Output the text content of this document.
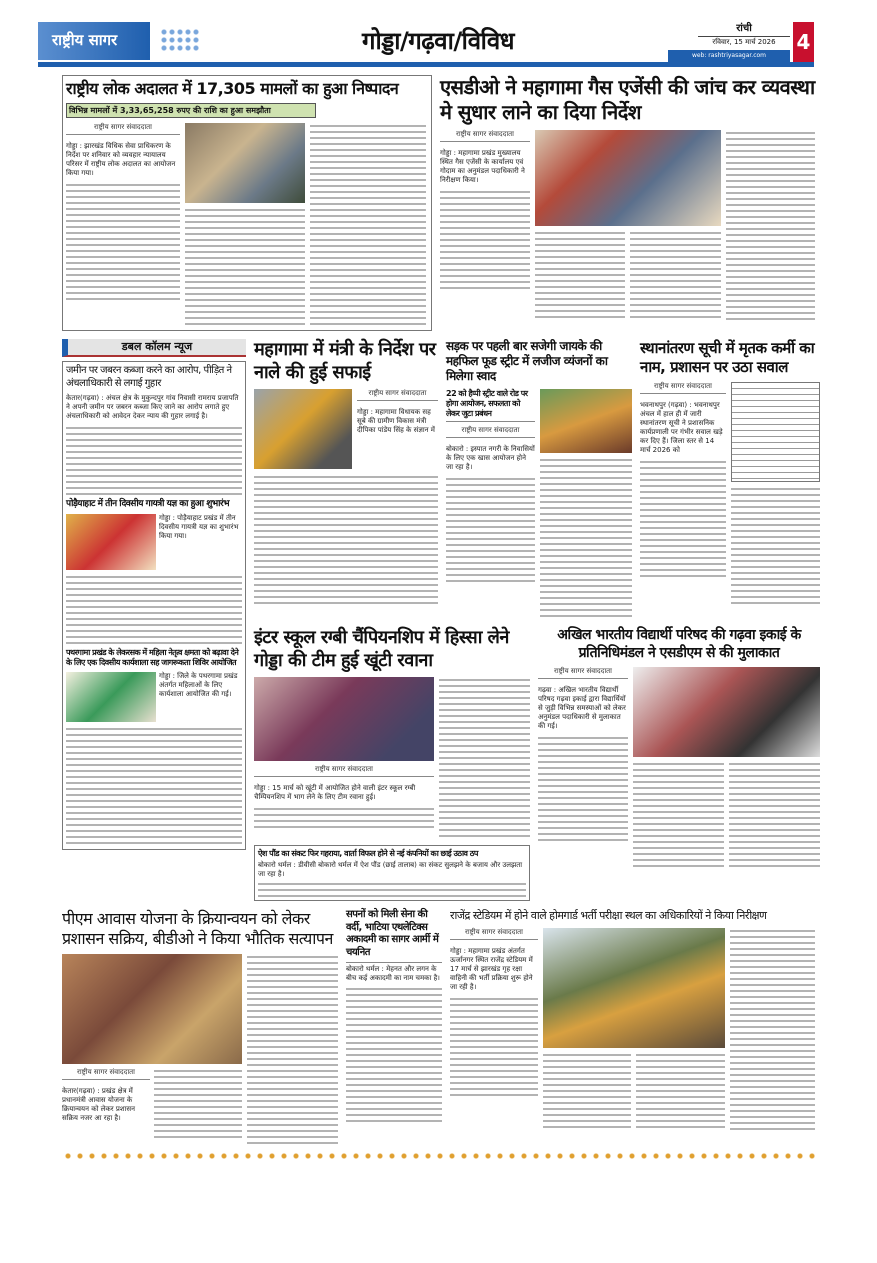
राष्ट्रीय सागर	गोड्डा/गढ़वा/विविध	रांची
रविवार, 15 मार्च 2026	4
web: rashtriyasagar.com
राष्ट्रीय लोक अदालत में 17,305 मामलों का हुआ निष्पादन
विभिन्न मामलों में 3,33,65,258 रुपए की राशि का हुआ समझौता
राष्ट्रीय सागर संवाददाता
गोड्डा : झारखंड विधिक सेवा प्राधिकरण के निर्देश पर शनिवार को व्यवहार न्यायालय परिसर में राष्ट्रीय लोक अदालत का आयोजन किया गया।
एसडीओ ने महागामा गैस एजेंसी की जांच कर व्यवस्था मे सुधार लाने का दिया निर्देश
राष्ट्रीय सागर संवाददाता
गोड्डा : महागामा प्रखंड मुख्यालय स्थित गैस एजेंसी के कार्यालय एवं गोदाम का अनुमंडल पदाधिकारी ने निरीक्षण किया।
डबल कॉलम न्यूज
जमीन पर जबरन कब्जा करने का आरोप, पीड़ित ने अंचलाधिकारी से लगाई गुहार
केतार(गढ़वा) : अंचल क्षेत्र के मुकुन्दपुर गांव निवासी रामराय प्रजापति ने अपनी जमीन पर जबरन कब्जा किए जाने का आरोप लगाते हुए अंचलाधिकारी को आवेदन देकर न्याय की गुहार लगाई है।
पोड़ैयाहाट में तीन दिवसीय गायत्री यज्ञ का हुआ शुभारंभ
गोड्डा : पोड़ैयाहाट प्रखंड में तीन दिवसीय गायत्री यज्ञ का शुभारंभ किया गया।
पथरगामा प्रखंड के लेकरसक में महिला नेतृत्व क्षमता को बढ़ावा देने के लिए एक दिवसीय कार्यशाला सह जागरूकता शिविर आयोजित
गोड्डा : जिले के पथरगामा प्रखंड अंतर्गत महिलाओं के लिए कार्यशाला आयोजित की गई।
महागामा में मंत्री के निर्देश पर नाले की हुई सफाई
राष्ट्रीय सागर संवाददाता
गोड्डा : महागामा विधायक सह सूबे की ग्रामीण विकास मंत्री दीपिका पांडेय सिंह के संज्ञान में
सड़क पर पहली बार सजेगी जायके की महफिल फूड स्ट्रीट में लजीज व्यंजनों का मिलेगा स्वाद
22 को हैप्पी स्ट्रीट वाले रोड पर होगा आयोजन, सफलता को लेकर जुटा प्रबंधन
राष्ट्रीय सागर संवाददाता
बोकारो : इस्पात नगरी के निवासियों के लिए एक खास आयोजन होने जा रहा है।
स्थानांतरण सूची में मृतक कर्मी का नाम, प्रशासन पर उठा सवाल
राष्ट्रीय सागर संवाददाता
भवनाथपुर (गढ़वा) : भवनाथपुर अंचल में हाल ही में जारी स्थानांतरण सूची ने प्रशासनिक कार्यप्रणाली पर गंभीर सवाल खड़े कर दिए हैं। जिला स्तर से 14 मार्च 2026 को
इंटर स्कूल रग्बी चैंपियनशिप में हिस्सा लेने गोड्डा की टीम हुई खूंटी रवाना
राष्ट्रीय सागर संवाददाता
गोड्डा : 15 मार्च को खूंटी में आयोजित होने वाली इंटर स्कूल रग्बी चैम्पियनशिप में भाग लेने के लिए टीम रवाना हुई।
ऐश पौंड का संकट फिर गहराया, वार्ता विफल होने से नई कंपनियों का छाई उठाव ठप
बोकारो थर्मल : डीवीसी बोकारो थर्मल में ऐश पौंड (छाई तालाब) का संकट सुलझने के बजाय और उलझता जा रहा है।
अखिल भारतीय विद्यार्थी परिषद की गढ़वा इकाई के प्रतिनिधिमंडल ने एसडीएम से की मुलाकात
राष्ट्रीय सागर संवाददाता
गढ़वा : अखिल भारतीय विद्यार्थी परिषद गढ़वा इकाई द्वारा विद्यार्थियों से जुड़ी विभिन्न समस्याओं को लेकर अनुमंडल पदाधिकारी से मुलाकात की गई।
पीएम आवास योजना के क्रियान्वयन को लेकर प्रशासन सक्रिय, बीडीओ ने किया भौतिक सत्यापन
राष्ट्रीय सागर संवाददाता
केतार(गढ़वा) : प्रखंड क्षेत्र में प्रधानमंत्री आवास योजना के क्रियान्वयन को लेकर प्रशासन सक्रिय नजर आ रहा है।
सपनों को मिली सेना की वर्दी, भाटिया एथलेटिक्स अकादमी का सागर आर्मी में चयनित
बोकारो थर्मल : मेहनत और लगन के बीच कई अकादमी का नाम चमका है।
राजेंद्र स्टेडियम में होने वाले होमगार्ड भर्ती परीक्षा स्थल का अधिकारियों ने किया निरीक्षण
राष्ट्रीय सागर संवाददाता
गोड्डा : महागामा प्रखंड अंतर्गत ऊर्जानगर स्थित राजेंद्र स्टेडियम में 17 मार्च से झारखंड गृह रक्षा वाहिनी की भर्ती प्रक्रिया शुरू होने जा रही है।
